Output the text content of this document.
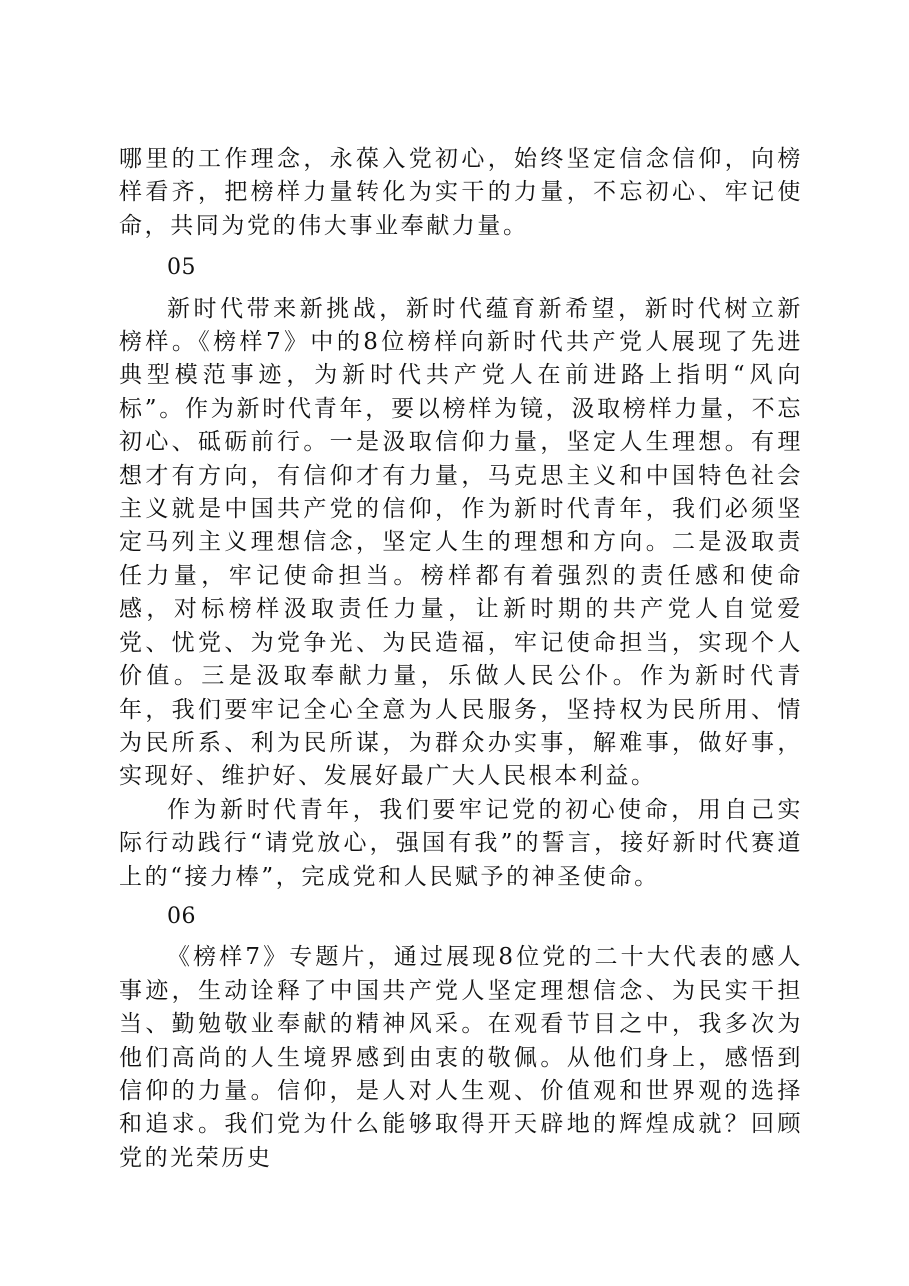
哪里的工作理念，永葆入党初心，始终坚定信念信仰，向榜样看齐，把榜样力量转化为实干的力量，不忘初心、牢记使命，共同为党的伟大事业奉献力量。

05

新时代带来新挑战，新时代蕴育新希望，新时代树立新榜样。《榜样7》中的8位榜样向新时代共产党人展现了先进典型模范事迹，为新时代共产党人在前进路上指明“风向标”。作为新时代青年，要以榜样为镜，汲取榜样力量，不忘初心、砥砺前行。一是汲取信仰力量，坚定人生理想。有理想才有方向，有信仰才有力量，马克思主义和中国特色社会主义就是中国共产党的信仰，作为新时代青年，我们必须坚定马列主义理想信念，坚定人生的理想和方向。二是汲取责任力量，牢记使命担当。榜样都有着强烈的责任感和使命感，对标榜样汲取责任力量，让新时期的共产党人自觉爱党、忧党、为党争光、为民造福，牢记使命担当，实现个人价值。三是汲取奉献力量，乐做人民公仆。作为新时代青年，我们要牢记全心全意为人民服务，坚持权为民所用、情为民所系、利为民所谋，为群众办实事，解难事，做好事，实现好、维护好、发展好最广大人民根本利益。

作为新时代青年，我们要牢记党的初心使命，用自己实际行动践行“请党放心，强国有我”的誓言，接好新时代赛道上的“接力棒”，完成党和人民赋予的神圣使命。

06

《榜样7》专题片，通过展现8位党的二十大代表的感人事迹，生动诠释了中国共产党人坚定理想信念、为民实干担当、勤勉敬业奉献的精神风采。在观看节目之中，我多次为他们高尚的人生境界感到由衷的敬佩。从他们身上，感悟到信仰的力量。信仰，是人对人生观、价值观和世界观的选择和追求。我们党为什么能够取得开天辟地的辉煌成就？回顾党的光荣历史
